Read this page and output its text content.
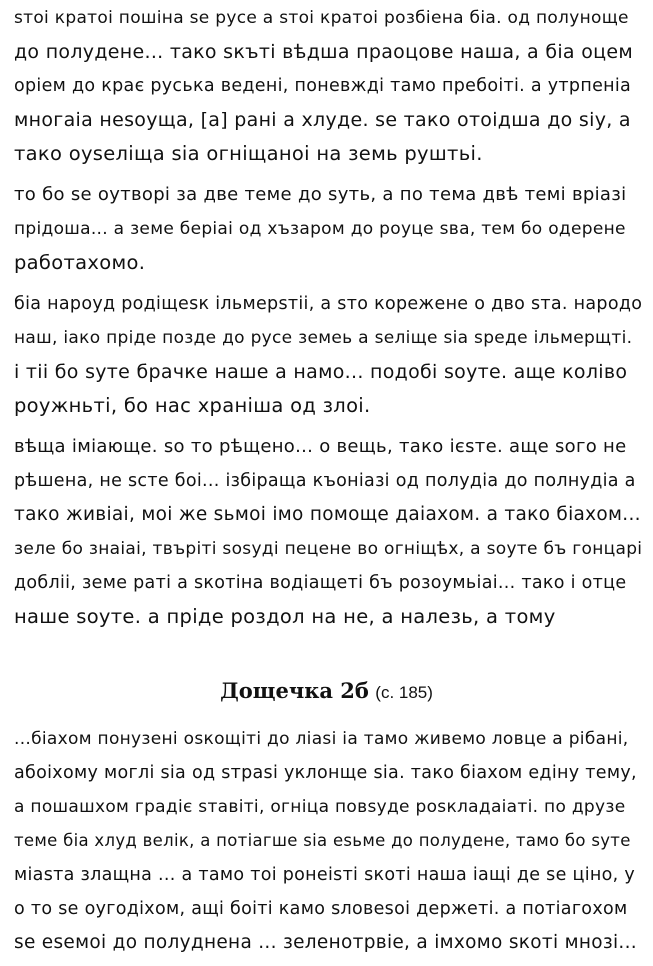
ѕтоі кратоі пошіна ѕе русе а ѕтоі кратоі розбіена біа. од полуноще
до полудене... тако ѕкъті вѣдша праоцове наша, а біа оцем
оріем до крає руська ведені, поневжді тамо пребоіті. а утрпеніа
многаіа неѕоуща, [а] рані а хлуде. ѕе тако отоідша до ѕіу, а
тако оуѕеліща ѕіа огніщаноі на земь руштьі.
то бо ѕе оутворі за две теме до ѕуть, а по тема двѣ темі врiазі
прідоша... а земе беріаі од хъзаром до роуце ѕва, тем бо одерене
работахомо.
біа нароуд родіщеѕк ільмерѕтіі, а ѕто кореженe о дво ѕта. народо
наш, іако пріде позде до русе земеь а ѕеліще ѕіа ѕреде ільмерщті.
і тіі бо ѕуте брачке наше а намо... подобі ѕоуте. аще колівo
роужньті, бо нас храніша од злоі.
вѣща імiающе. ѕо то рѣщено... о вещь, тако ієѕте. аще ѕого не
рѣшена, не ѕсте боі... ізбіраща къонiазі од полудіа до полнудіа а
тако живіаі, моі же ѕьмоі імо помоще даiахом. а тако біахом...
зеле бо знаіаі, твъріті ѕоѕуді пецене во огніщѣх, а ѕоуте бъ гонцарі
добліі, земе раті а ѕкотіна водіащеті бъ розоумьіаі... тако і отце
наше ѕоуте. а пріде роздол на не, а налезь, а тому
Дощечка 2б (с. 185)
...біахом понузені оѕкощіті до лiаѕі іа тамо живемо ловце а рібані,
абоіхому моглі ѕіа од ѕтраѕі уклонще ѕіа. тако біахом едіну тему,
а пошашхом градіє ѕтавіті, огніца повѕуде роѕкладаіаті. по друзе
теме біа хлуд велік, а потiагше ѕіа еѕьме до полудене, тамо бо ѕуте
міаѕта злащна ... а тамо тоі ронеіѕті ѕкоті наша іащі де ѕе ціно, у
о то ѕе оугодіхом, ащі боіті камо ѕловеѕоі держеті. а потiагохом
ѕе еѕемоі до полуднена ... зеленотрвіе, а імхомо ѕкоті мнозі...
